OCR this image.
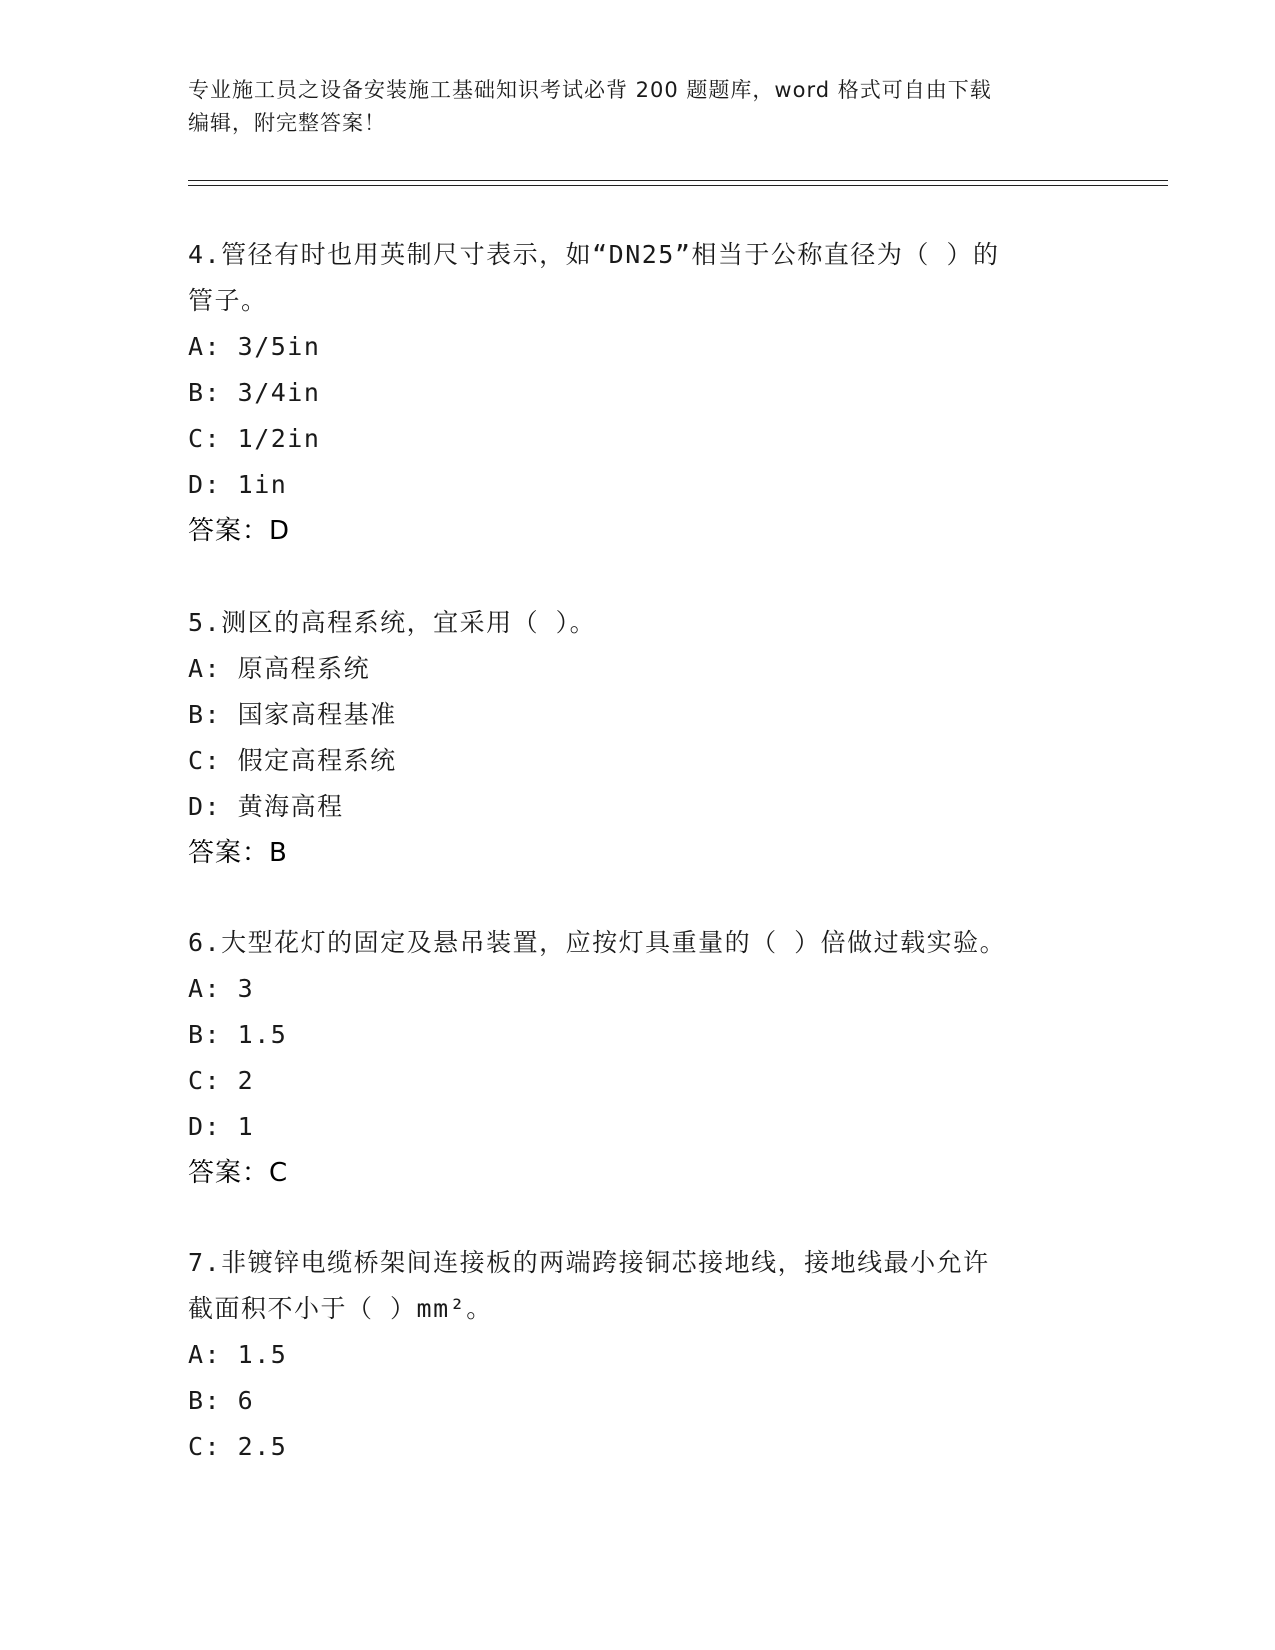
专业施工员之设备安装施工基础知识考试必背 200 题题库，word 格式可自由下载
编辑，附完整答案！
4.管径有时也用英制尺寸表示，如“DN25”相当于公称直径为（ ）的
管子。
A: 3/5in
B: 3/4in
C: 1/2in
D: 1in
答案：D
5.测区的高程系统，宜采用（ ）。
A: 原高程系统
B: 国家高程基准
C: 假定高程系统
D: 黄海高程
答案：B
6.大型花灯的固定及悬吊装置，应按灯具重量的（ ）倍做过载实验。
A: 3
B: 1.5
C: 2
D: 1
答案：C
7.非镀锌电缆桥架间连接板的两端跨接铜芯接地线，接地线最小允许
截面积不小于（ ）mm²。
A: 1.5
B: 6
C: 2.5
